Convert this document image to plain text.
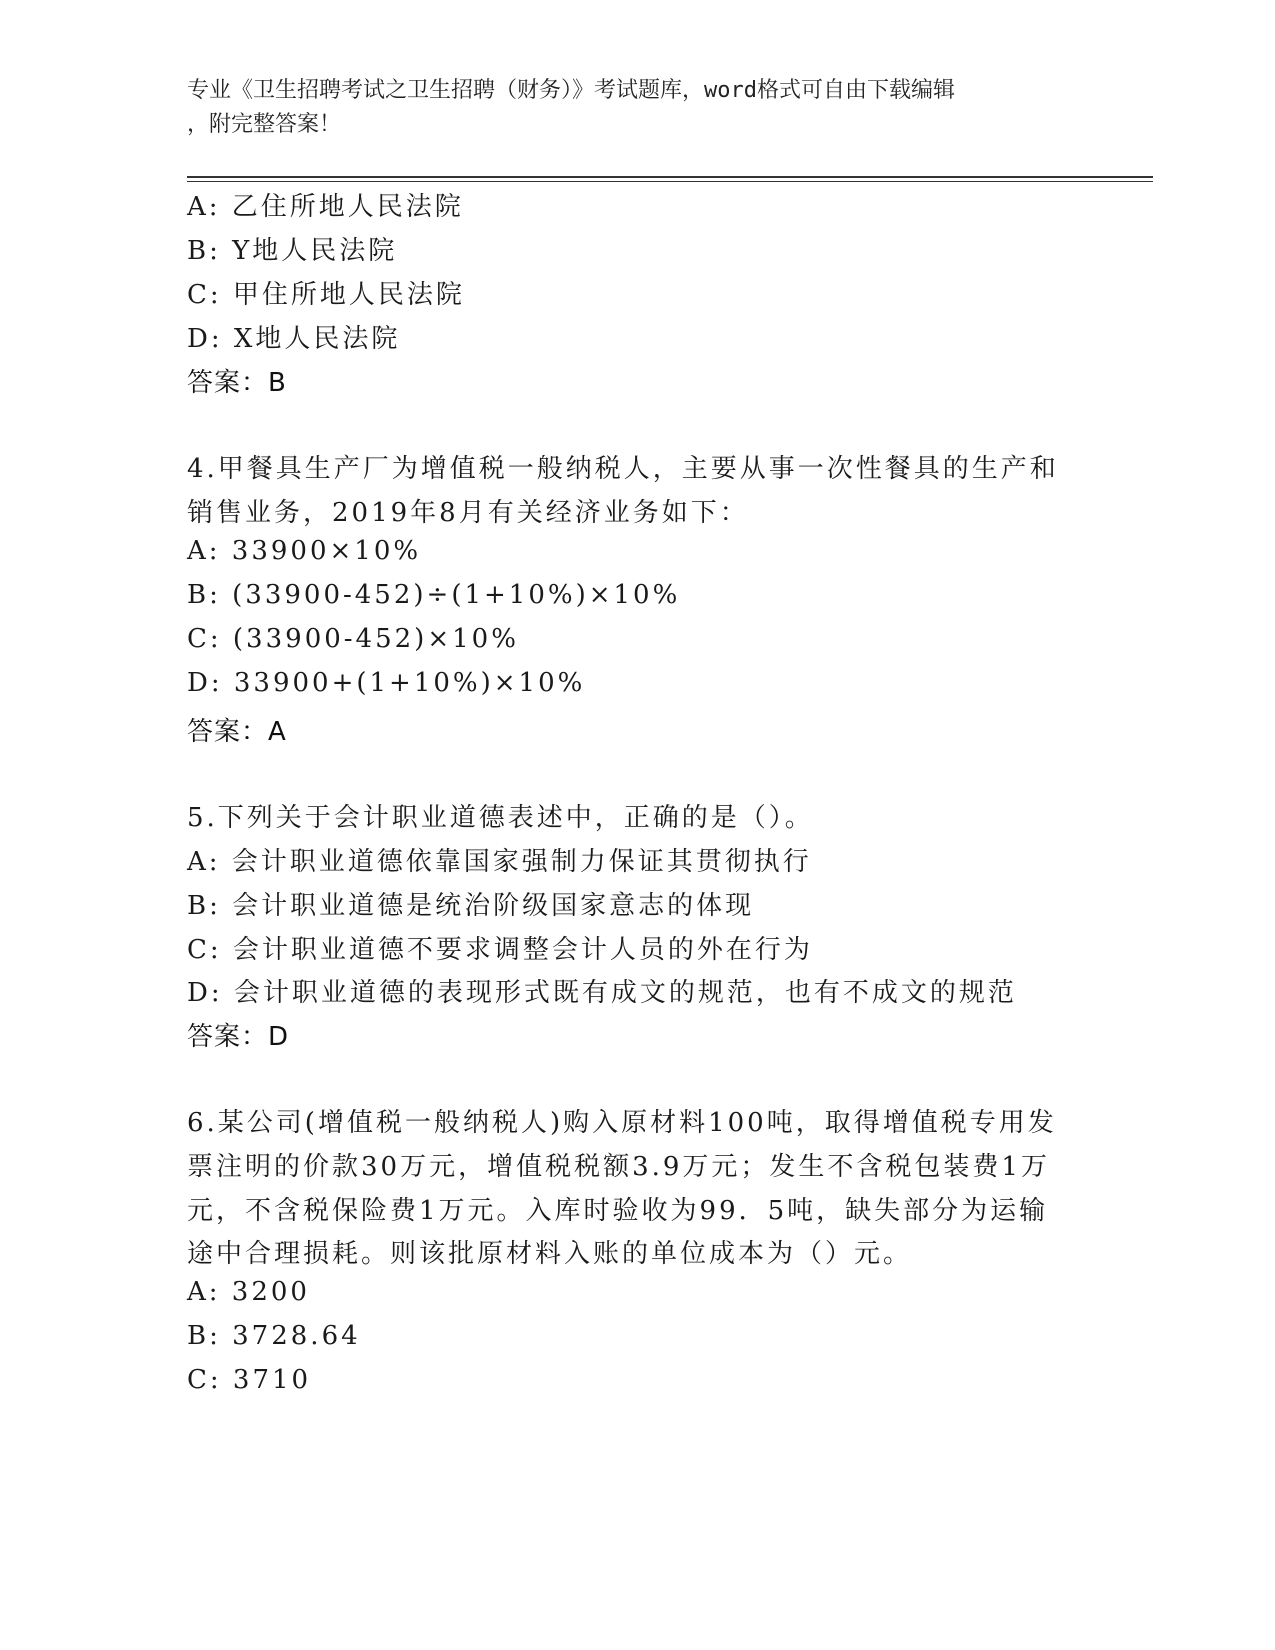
专业《卫生招聘考试之卫生招聘（财务）》考试题库，word格式可自由下载编辑
，附完整答案！
A: 乙住所地人民法院
B: Y地人民法院
C: 甲住所地人民法院
D: X地人民法院
答案：B
4.甲餐具生产厂为增值税一般纳税人，主要从事一次性餐具的生产和
销售业务，2019年8月有关经济业务如下：
A: 33900×10%
B: (33900-452)÷(1+10%)×10%
C: (33900-452)×10%
D: 33900+(1+10%)×10%
答案：A
5.下列关于会计职业道德表述中，正确的是（）。
A: 会计职业道德依靠国家强制力保证其贯彻执行
B: 会计职业道德是统治阶级国家意志的体现
C: 会计职业道德不要求调整会计人员的外在行为
D: 会计职业道德的表现形式既有成文的规范，也有不成文的规范
答案：D
6.某公司(增值税一般纳税人)购入原材料100吨，取得增值税专用发
票注明的价款30万元，增值税税额3.9万元；发生不含税包装费1万
元，不含税保险费1万元。入库时验收为99．5吨，缺失部分为运输
途中合理损耗。则该批原材料入账的单位成本为（）元。
A: 3200
B: 3728.64
C: 3710
